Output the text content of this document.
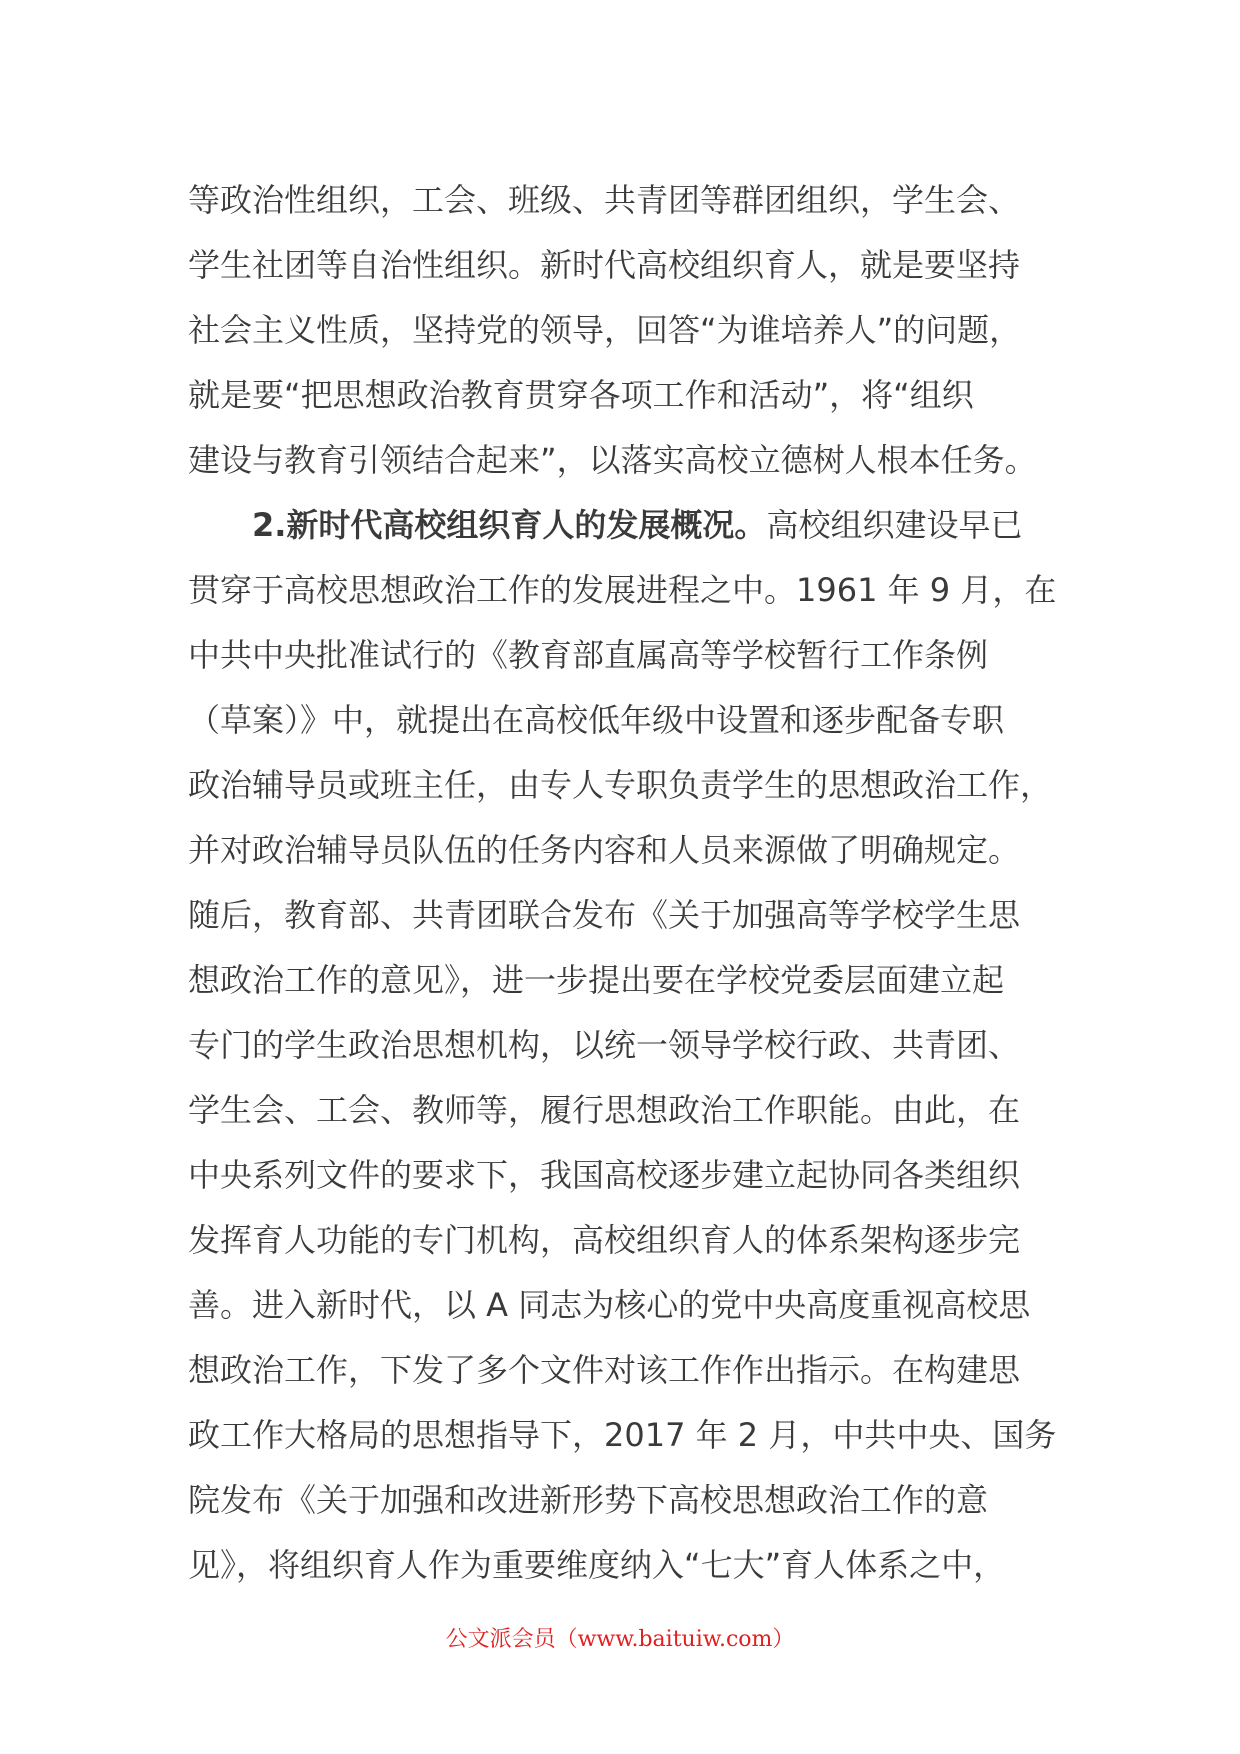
等政治性组织，工会、班级、共青团等群团组织，学生会、
学生社团等自治性组织。新时代高校组织育人，就是要坚持
社会主义性质，坚持党的领导，回答“为谁培养人”的问题，
就是要“把思想政治教育贯穿各项工作和活动”，将“组织
建设与教育引领结合起来”，以落实高校立德树人根本任务。
2.新时代高校组织育人的发展概况。高校组织建设早已
贯穿于高校思想政治工作的发展进程之中。1961 年 9 月，在
中共中央批准试行的《教育部直属高等学校暂行工作条例
（草案）》中，就提出在高校低年级中设置和逐步配备专职
政治辅导员或班主任，由专人专职负责学生的思想政治工作，
并对政治辅导员队伍的任务内容和人员来源做了明确规定。
随后，教育部、共青团联合发布《关于加强高等学校学生思
想政治工作的意见》，进一步提出要在学校党委层面建立起
专门的学生政治思想机构，以统一领导学校行政、共青团、
学生会、工会、教师等，履行思想政治工作职能。由此，在
中央系列文件的要求下，我国高校逐步建立起协同各类组织
发挥育人功能的专门机构，高校组织育人的体系架构逐步完
善。进入新时代，以 A 同志为核心的党中央高度重视高校思
想政治工作，下发了多个文件对该工作作出指示。在构建思
政工作大格局的思想指导下，2017 年 2 月，中共中央、国务
院发布《关于加强和改进新形势下高校思想政治工作的意
见》，将组织育人作为重要维度纳入“七大”育人体系之中，
公文派会员（www.baituiw.com）
